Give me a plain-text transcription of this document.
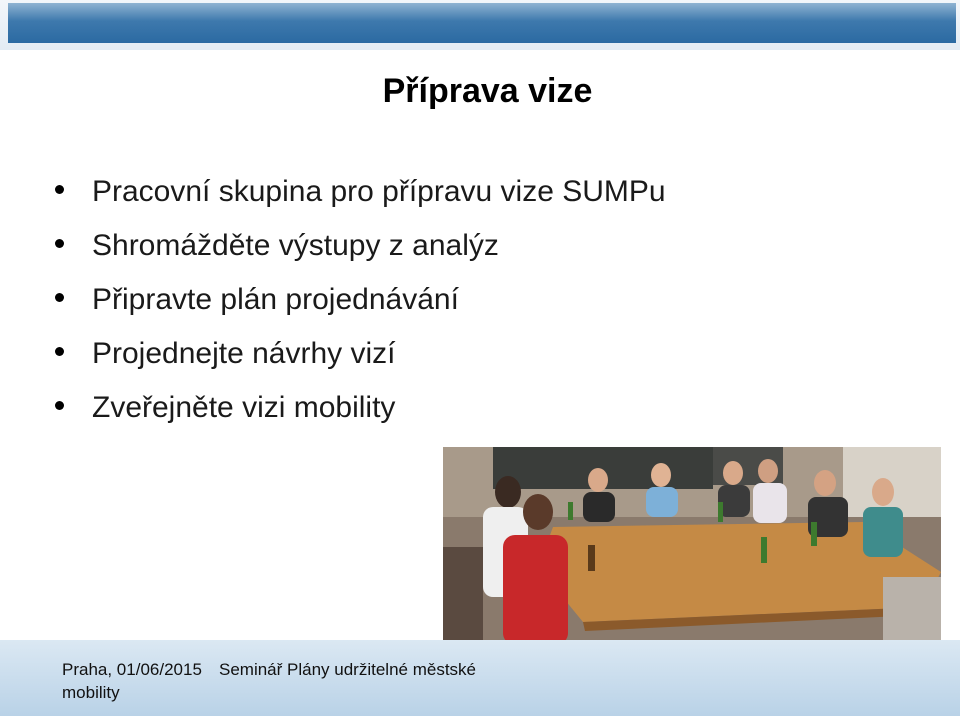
Příprava vize
Pracovní skupina pro přípravu vize SUMPu
Shromážděte výstupy z analýz
Připravte plán projednávání
Projednejte návrhy vizí
Zveřejněte vizi mobility
Praha, 01/06/2015 Seminář Plány udržitelné městské
mobility
